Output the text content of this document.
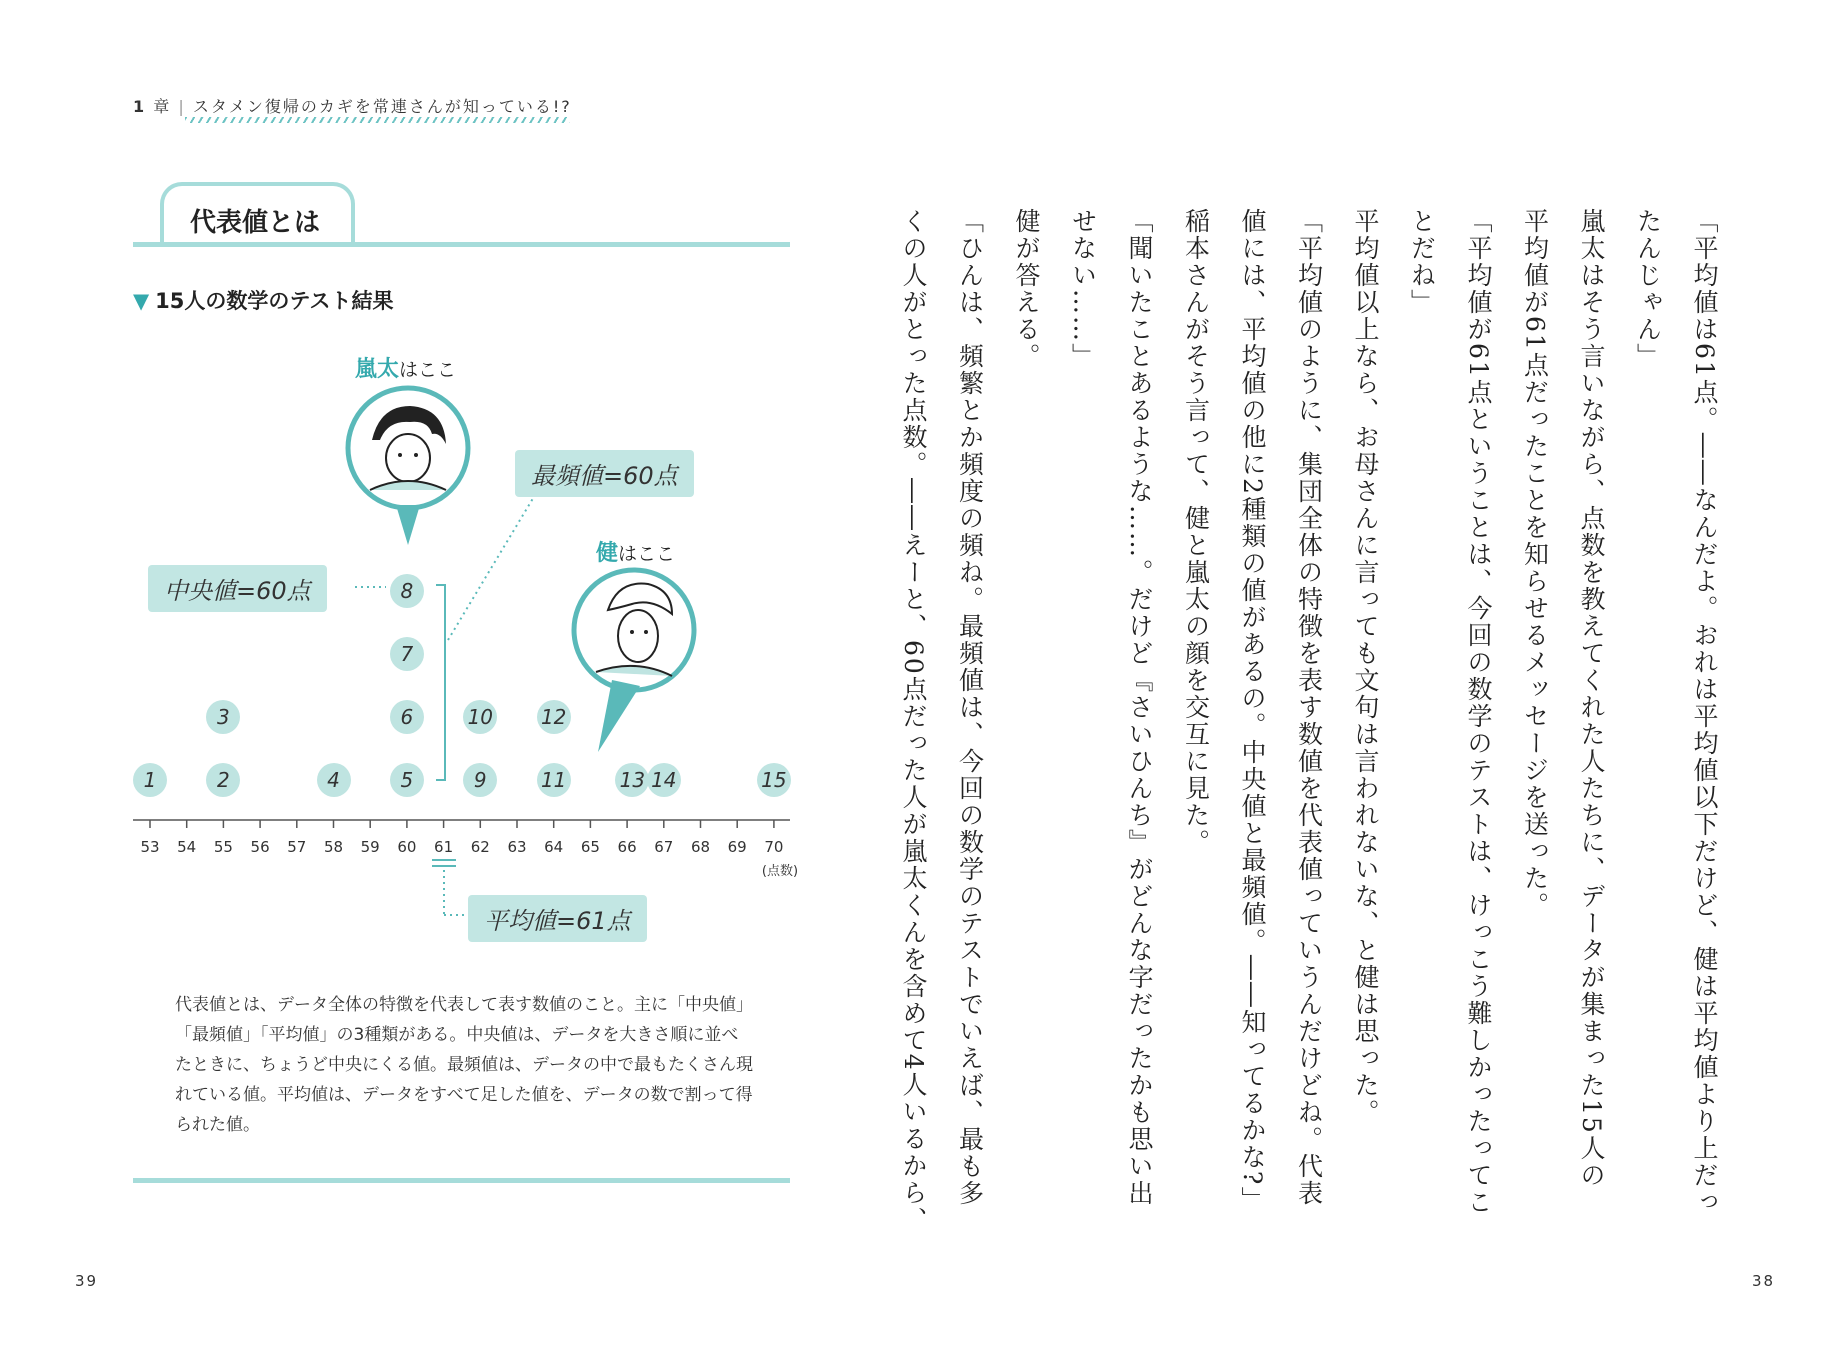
1 章 | スタメン復帰のカギを常連さんが知っている!?
代表値とは
▼ 15人の数学のテスト結果
1	2
3
4	5
6
7
8
9
10
11
12
13 14	15
53	54	55	56	57	58	59	60	61	62	63	64	65	66	67	68	69	70
(点数)
中央値=60点
最頻値=60点
平均値=61点
嵐太はここ
健はここ
代表値とは、データ全体の特徴を代表して表す数値のこと。主に「中央値」「最頻値」「平均値」の3種類がある。中央値は、データを大きさ順に並べたときに、ちょうど中央にくる値。最頻値は、データの中で最もたくさん現れている値。平均値は、データをすべて足した値を、データの数で割って得られた値。
39	38
「平均値は61点。――なんだよ。おれは平均値以下だけど、健は平均値より上だっ
たんじゃん」
嵐太はそう言いながら、点数を教えてくれた人たちに、データが集まった15人の
平均値が61点だったことを知らせるメッセージを送った。
「平均値が61点ということは、今回の数学のテストは、けっこう難しかったってこ
とだね」
平均値以上なら、お母さんに言っても文句は言われないな、と健は思った。
「平均値のように、集団全体の特徴を表す数値を代表値っていうんだけどね。代表
値には、平均値の他に2種類の値があるの。中央値と最頻値。――知ってるかな?」
稲本さんがそう言って、健と嵐太の顔を交互に見た。
「聞いたことあるような……。だけど『さいひんち』がどんな字だったかも思い出
せない……」
健が答える。
「ひんは、頻繁とか頻度の頻ね。最頻値は、今回の数学のテストでいえば、最も多
くの人がとった点数。――えーと、60点だった人が嵐太くんを含めて4人いるから、
